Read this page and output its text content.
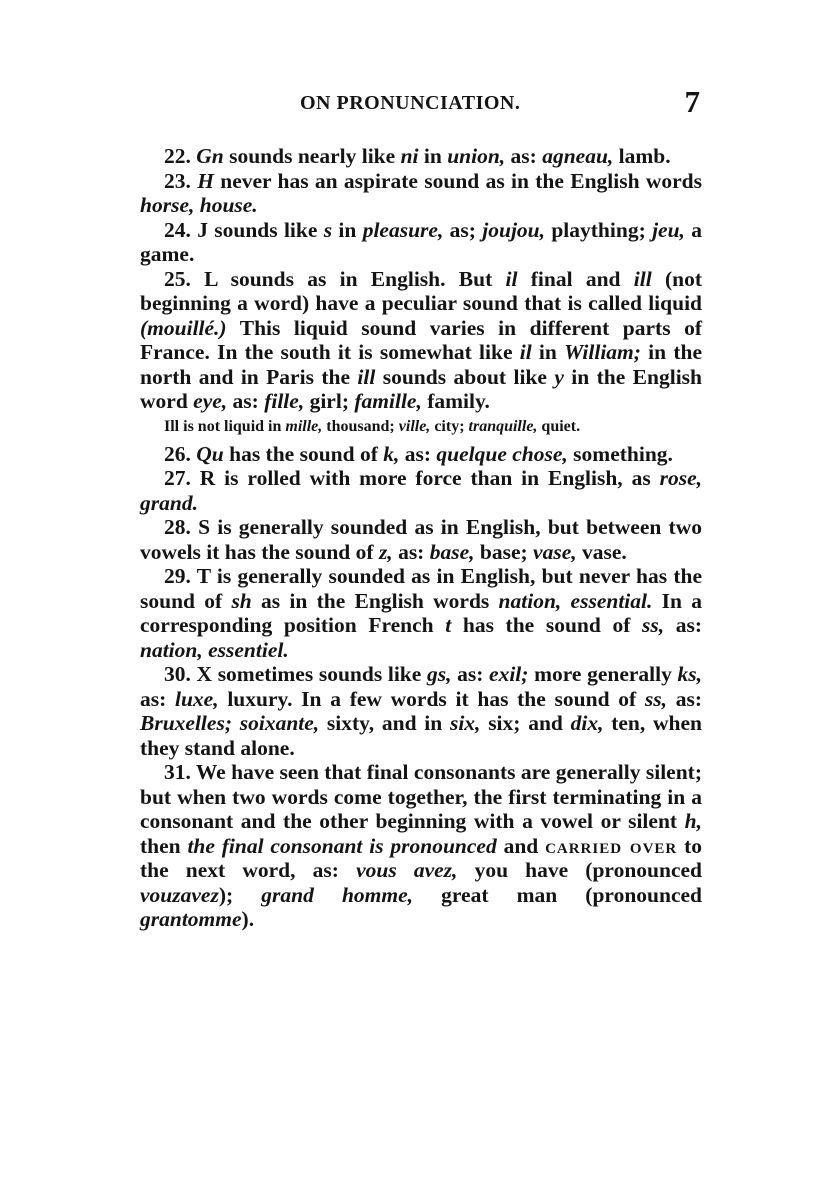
ON PRONUNCIATION.	7

22. Gn sounds nearly like ni in union, as: agneau, lamb.

23. H never has an aspirate sound as in the English words horse, house.

24. J sounds like s in pleasure, as; joujou, plaything; jeu, a game.

25. L sounds as in English. But il final and ill (not beginning a word) have a peculiar sound that is called liquid (mouillé.) This liquid sound varies in different parts of France. In the south it is somewhat like il in William; in the north and in Paris the ill sounds about like y in the English word eye, as: fille, girl; famille, family.

Ill is not liquid in mille, thousand; ville, city; tranquille, quiet.

26. Qu has the sound of k, as: quelque chose, something.

27. R is rolled with more force than in English, as rose, grand.

28. S is generally sounded as in English, but between two vowels it has the sound of z, as: base, base; vase, vase.

29. T is generally sounded as in English, but never has the sound of sh as in the English words nation, essential. In a corresponding position French t has the sound of ss, as: nation, essentiel.

30. X sometimes sounds like gs, as: exil; more generally ks, as: luxe, luxury. In a few words it has the sound of ss, as: Bruxelles; soixante, sixty, and in six, six; and dix, ten, when they stand alone.

31. We have seen that final consonants are generally silent; but when two words come together, the first terminating in a consonant and the other beginning with a vowel or silent h, then the final consonant is pronounced and carried over to the next word, as: vous avez, you have (pronounced vouzavez); grand homme, great man (pronounced grantomme).
